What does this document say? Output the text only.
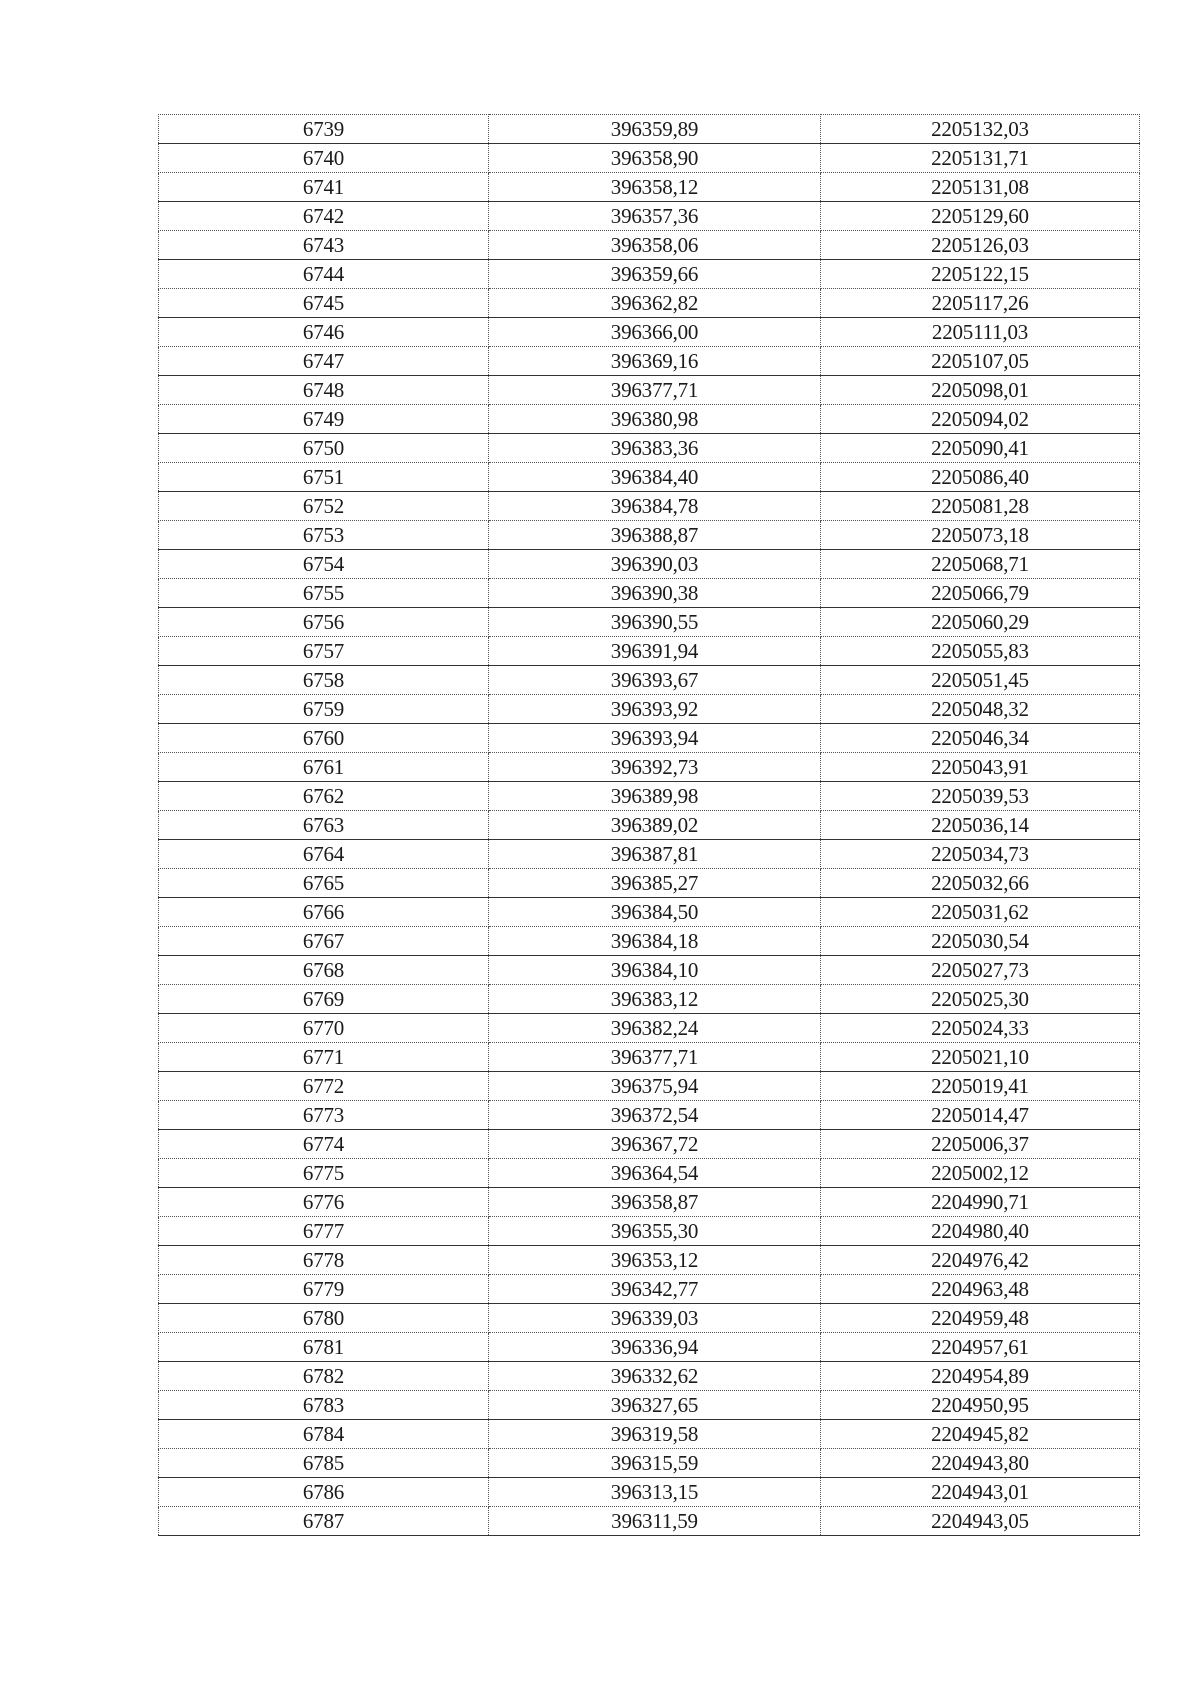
6739	396359,89	2205132,03
6740	396358,90	2205131,71
6741	396358,12	2205131,08
6742	396357,36	2205129,60
6743	396358,06	2205126,03
6744	396359,66	2205122,15
6745	396362,82	2205117,26
6746	396366,00	2205111,03
6747	396369,16	2205107,05
6748	396377,71	2205098,01
6749	396380,98	2205094,02
6750	396383,36	2205090,41
6751	396384,40	2205086,40
6752	396384,78	2205081,28
6753	396388,87	2205073,18
6754	396390,03	2205068,71
6755	396390,38	2205066,79
6756	396390,55	2205060,29
6757	396391,94	2205055,83
6758	396393,67	2205051,45
6759	396393,92	2205048,32
6760	396393,94	2205046,34
6761	396392,73	2205043,91
6762	396389,98	2205039,53
6763	396389,02	2205036,14
6764	396387,81	2205034,73
6765	396385,27	2205032,66
6766	396384,50	2205031,62
6767	396384,18	2205030,54
6768	396384,10	2205027,73
6769	396383,12	2205025,30
6770	396382,24	2205024,33
6771	396377,71	2205021,10
6772	396375,94	2205019,41
6773	396372,54	2205014,47
6774	396367,72	2205006,37
6775	396364,54	2205002,12
6776	396358,87	2204990,71
6777	396355,30	2204980,40
6778	396353,12	2204976,42
6779	396342,77	2204963,48
6780	396339,03	2204959,48
6781	396336,94	2204957,61
6782	396332,62	2204954,89
6783	396327,65	2204950,95
6784	396319,58	2204945,82
6785	396315,59	2204943,80
6786	396313,15	2204943,01
6787	396311,59	2204943,05
